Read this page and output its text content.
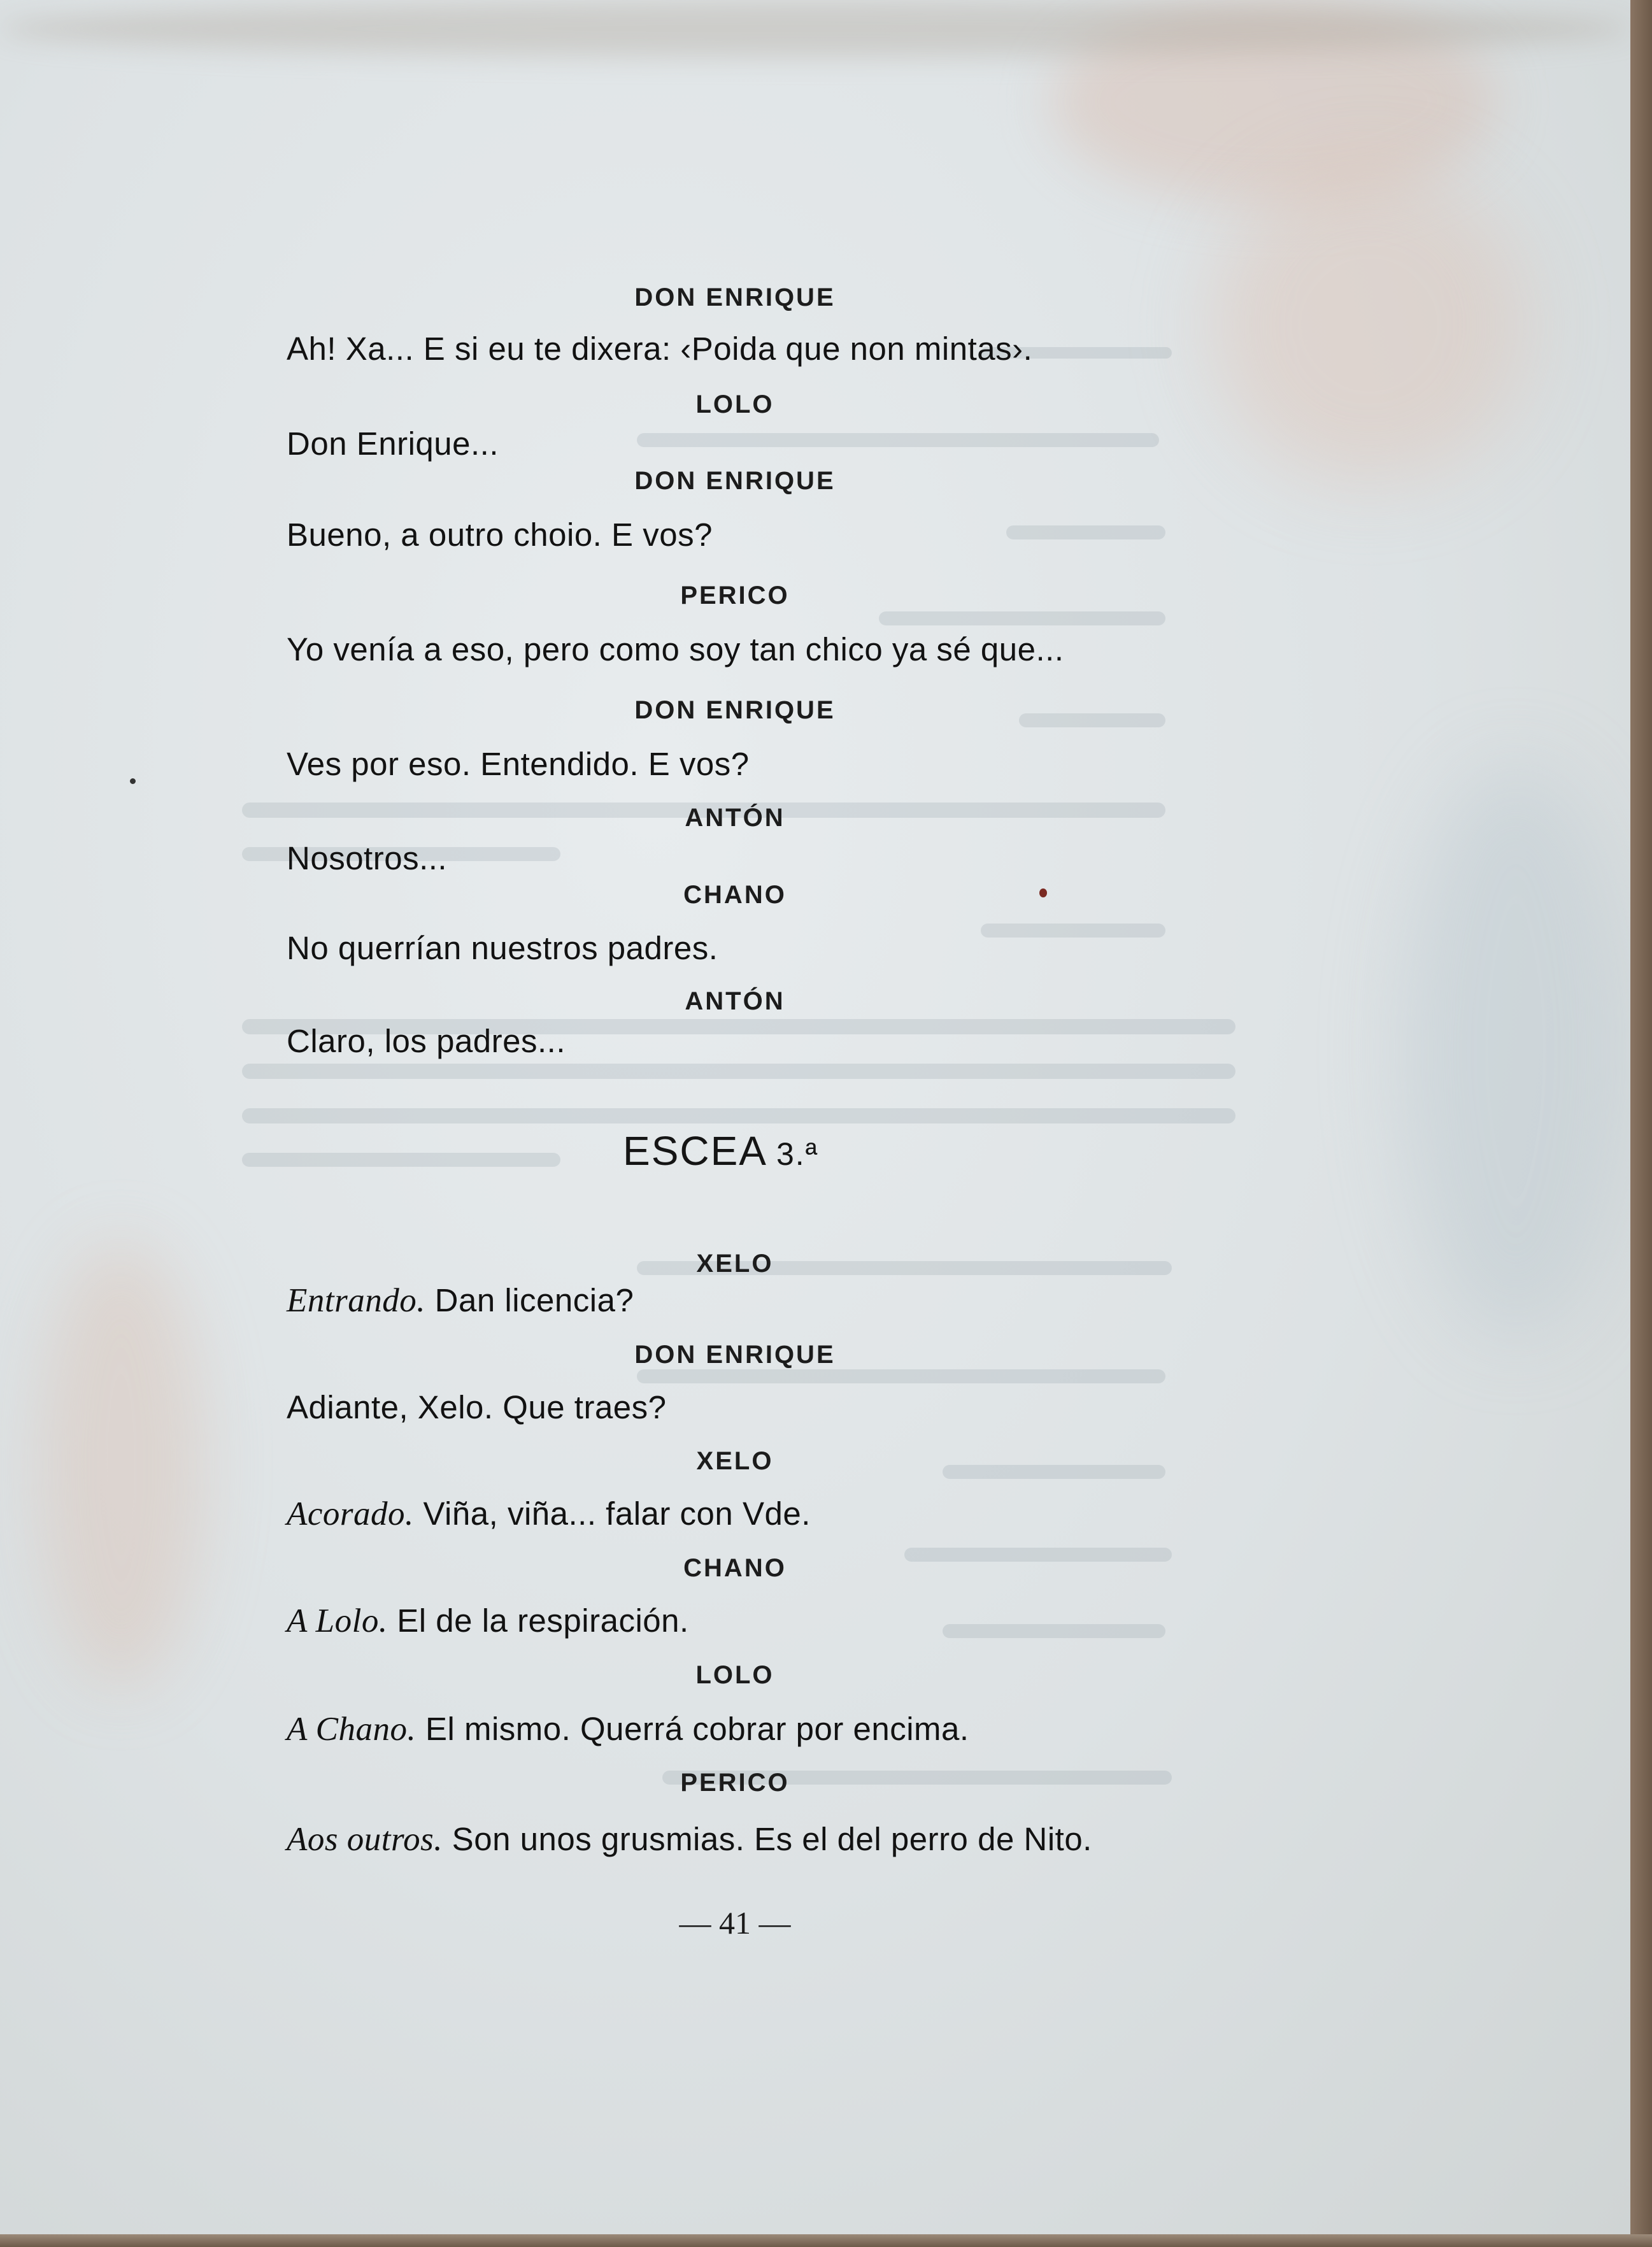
DON ENRIQUE
Ah! Xa... E si eu te dixera: ‹Poida que non mintas›.
LOLO
Don Enrique...
DON ENRIQUE
Bueno, a outro choio. E vos?
PERICO
Yo venía a eso, pero como soy tan chico ya sé que...
DON ENRIQUE
Ves por eso. Entendido. E vos?
ANTÓN
Nosotros...
CHANO
No querrían nuestros padres.
ANTÓN
Claro, los padres...
ESCEA 3.ª
XELO
Entrando. Dan licencia?
DON ENRIQUE
Adiante, Xelo. Que traes?
XELO
Acorado. Viña, viña... falar con Vde.
CHANO
A Lolo. El de la respiración.
LOLO
A Chano. El mismo. Querrá cobrar por encima.
PERICO
Aos outros. Son unos grusmias. Es el del perro de Nito.
— 41 —
